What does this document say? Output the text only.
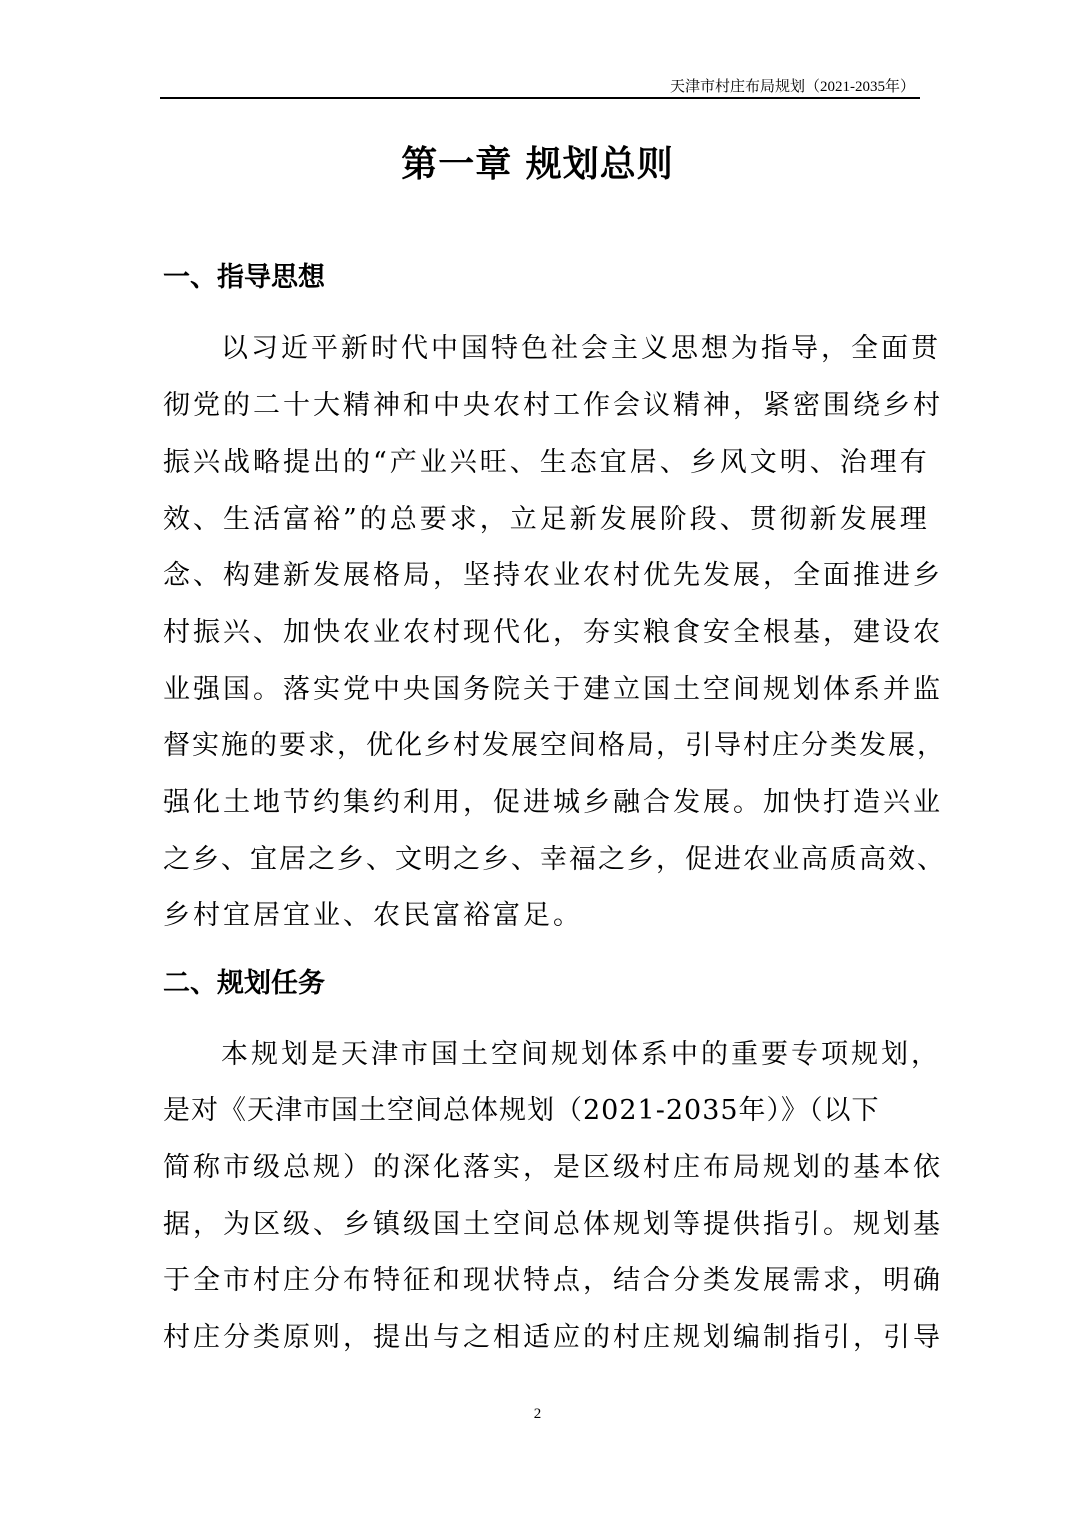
天津市村庄布局规划（2021-2035年）
第一章 规划总则
一、指导思想
以习近平新时代中国特色社会主义思想为指导，全面贯
彻党的二十大精神和中央农村工作会议精神，紧密围绕乡村
振兴战略提出的“产业兴旺、生态宜居、乡风文明、治理有
效、生活富裕”的总要求，立足新发展阶段、贯彻新发展理
念、构建新发展格局，坚持农业农村优先发展，全面推进乡
村振兴、加快农业农村现代化，夯实粮食安全根基，建设农
业强国。落实党中央国务院关于建立国土空间规划体系并监
督实施的要求，优化乡村发展空间格局，引导村庄分类发展，
强化土地节约集约利用，促进城乡融合发展。加快打造兴业
之乡、宜居之乡、文明之乡、幸福之乡，促进农业高质高效、
乡村宜居宜业、农民富裕富足。
二、规划任务
本规划是天津市国土空间规划体系中的重要专项规划，
是对《天津市国土空间总体规划（2021-2035年）》（以下
简称市级总规）的深化落实，是区级村庄布局规划的基本依
据，为区级、乡镇级国土空间总体规划等提供指引。规划基
于全市村庄分布特征和现状特点，结合分类发展需求，明确
村庄分类原则，提出与之相适应的村庄规划编制指引，引导
2
